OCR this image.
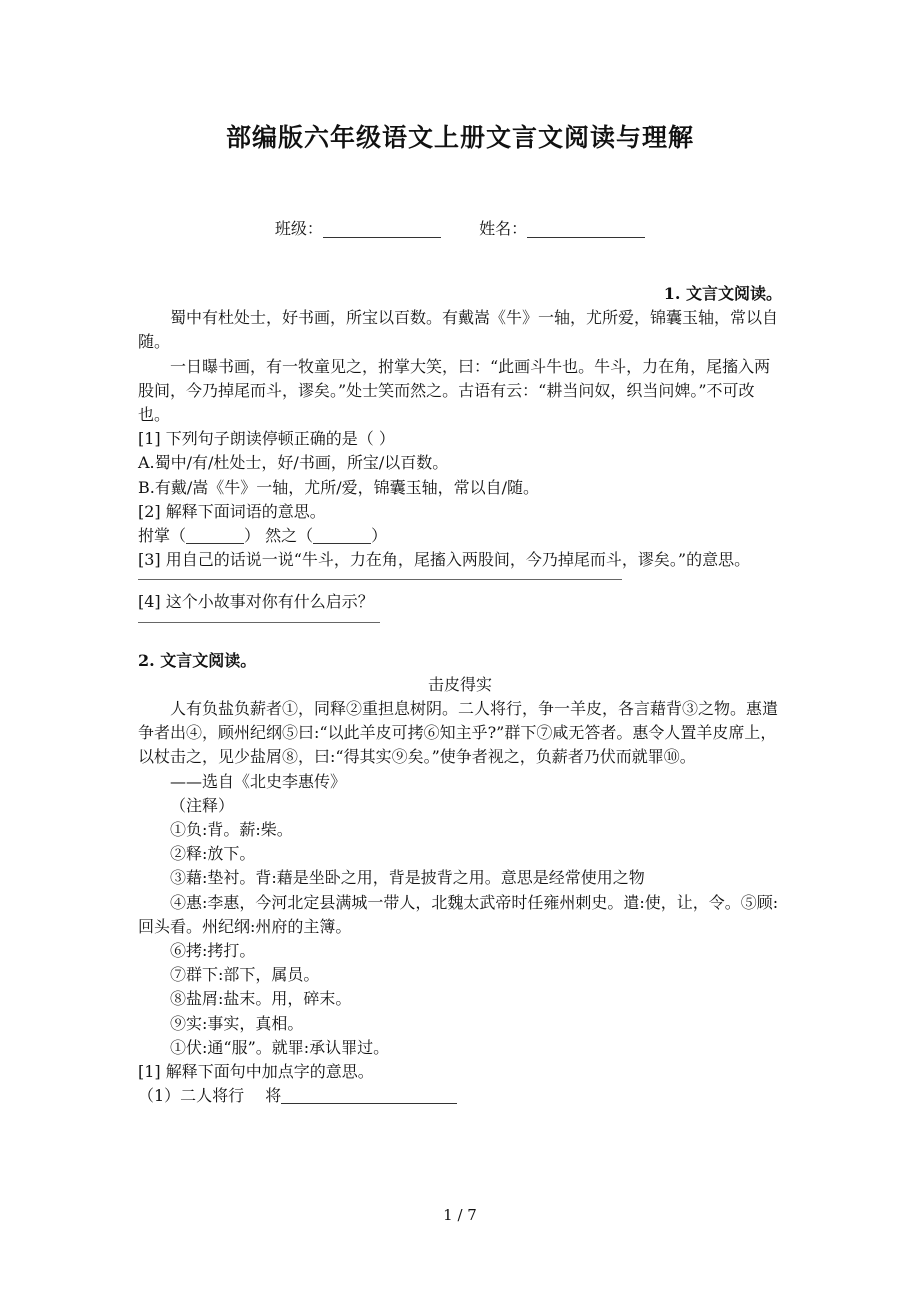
部编版六年级语文上册文言文阅读与理解
班级：	姓名：

1. 文言文阅读。

蜀中有杜处士，好书画，所宝以百数。有戴嵩《牛》一轴，尤所爱，锦囊玉轴，常以自随。

一日曝书画，有一牧童见之，拊掌大笑，曰：“此画斗牛也。牛斗，力在角，尾搐入两股间，今乃掉尾而斗，谬矣。”处士笑而然之。古语有云：“耕当问奴，织当问婢。”不可改也。

[1] 下列句子朗读停顿正确的是（ ）

A.蜀中/有/杜处士，好/书画，所宝/以百数。

B.有戴/嵩《牛》一轴，尤所/爱，锦囊玉轴，常以自/随。

[2] 解释下面词语的意思。

拊掌（	） 然之（	）

[3] 用自己的话说一说“牛斗，力在角，尾搐入两股间，今乃掉尾而斗，谬矣。”的意思。

[4] 这个小故事对你有什么启示？

2. 文言文阅读。

击皮得实

人有负盐负薪者①，同释②重担息树阴。二人将行，争一羊皮，各言藉背③之物。惠遣争者出④，顾州纪纲⑤曰:“以此羊皮可拷⑥知主乎?”群下⑦咸无答者。惠令人置羊皮席上，以杖击之，见少盐屑⑧，曰:“得其实⑨矣。”使争者视之，负薪者乃伏而就罪⑩。

——选自《北史李惠传》

（注释）

①负:背。薪:柴。

②释:放下。

③藉:垫衬。背:藉是坐卧之用，背是披背之用。意思是经常使用之物

④惠:李惠，今河北定县满城一带人，北魏太武帝时任雍州刺史。遣:使，让，令。⑤顾:回头看。州纪纲:州府的主簿。

⑥拷:拷打。

⑦群下:部下，属员。

⑧盐屑:盐末。用，碎末。

⑨实:事实，真相。

①伏:通“服”。就罪:承认罪过。

[1] 解释下面句中加点字的意思。

（1）二人将行　 将

1 / 7
